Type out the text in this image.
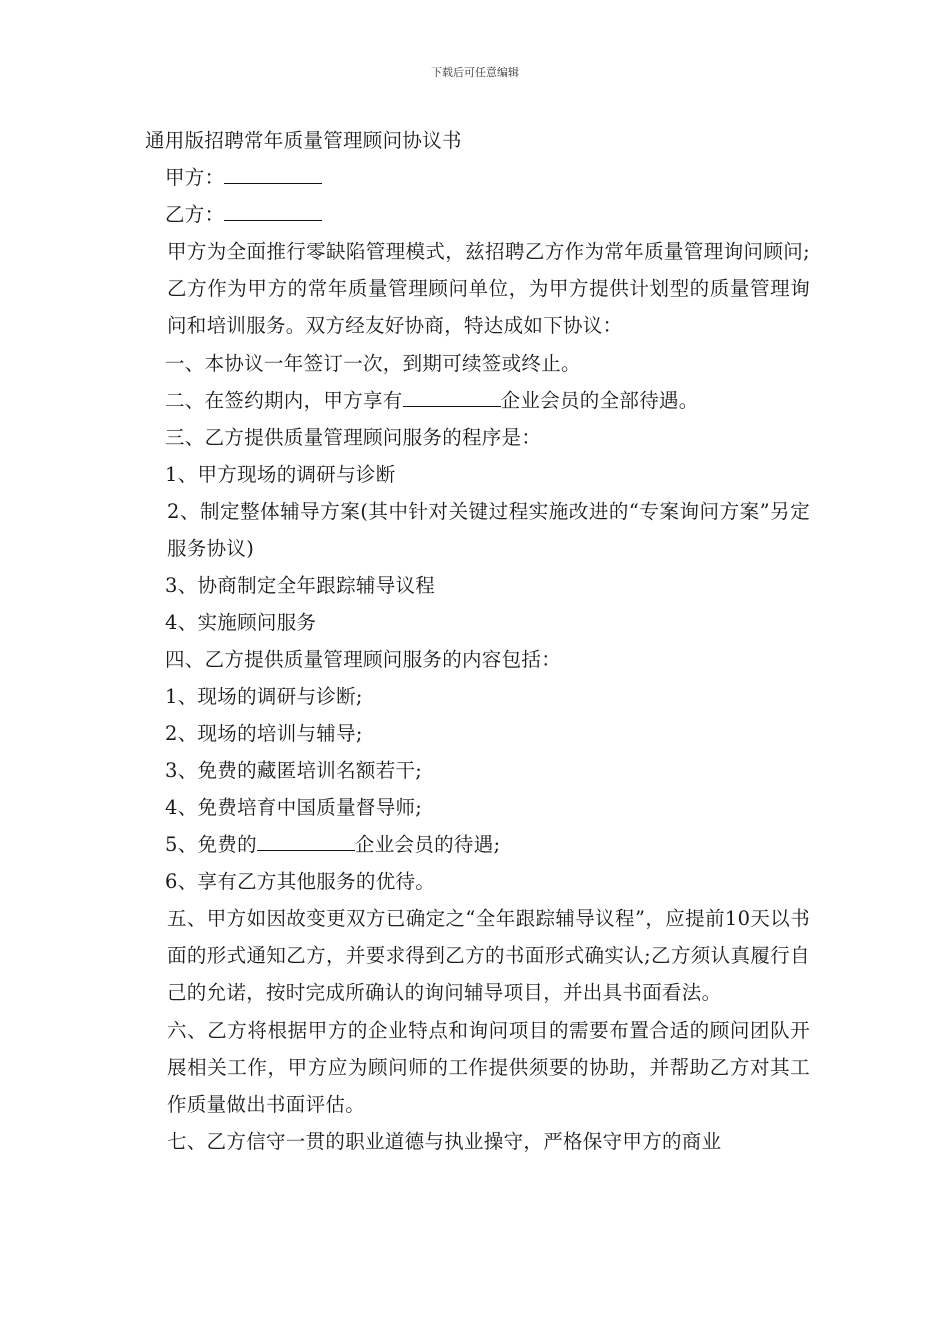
下载后可任意编辑
通用版招聘常年质量管理顾问协议书
甲方：
乙方：
甲方为全面推行零缺陷管理模式，兹招聘乙方作为常年质量管理询问顾问;乙方作为甲方的常年质量管理顾问单位，为甲方提供计划型的质量管理询问和培训服务。双方经友好协商，特达成如下协议：
一、本协议一年签订一次，到期可续签或终止。
二、在签约期内，甲方享有	企业会员的全部待遇。
三、乙方提供质量管理顾问服务的程序是：
1、甲方现场的调研与诊断
2、制定整体辅导方案(其中针对关键过程实施改进的“专案询问方案”另定服务协议)
3、协商制定全年跟踪辅导议程
4、实施顾问服务
四、乙方提供质量管理顾问服务的内容包括：
1、现场的调研与诊断;
2、现场的培训与辅导;
3、免费的藏匿培训名额若干;
4、免费培育中国质量督导师;
5、免费的	企业会员的待遇;
6、享有乙方其他服务的优待。
五、甲方如因故变更双方已确定之“全年跟踪辅导议程”，应提前10天以书面的形式通知乙方，并要求得到乙方的书面形式确实认;乙方须认真履行自己的允诺，按时完成所确认的询问辅导项目，并出具书面看法。
六、乙方将根据甲方的企业特点和询问项目的需要布置合适的顾问团队开展相关工作，甲方应为顾问师的工作提供须要的协助，并帮助乙方对其工作质量做出书面评估。
七、乙方信守一贯的职业道德与执业操守，严格保守甲方的商业
